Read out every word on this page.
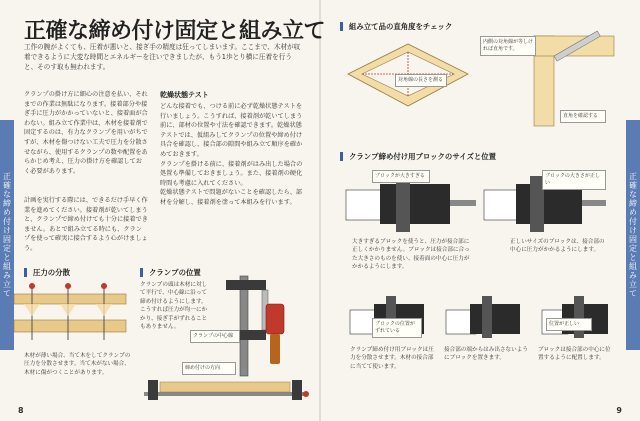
正確な締め付け固定と組み立て
正確な締め付け固定と組み立て
工作の腕がよくても、圧着が悪いと、接ぎ手の精度は狂ってしまいます。ここまで、木材が収着できるように大変な時間とエネルギーを注いできましたが、もう1歩とり横に圧着を行うと、そのす取も無われます。
クランプの掛け方に細心の注意を払い、それまでの作業は無駄になります。接着部分や接ぎ手に圧力がかかっていないと、接着面が合わない。組み立て作業中は、木材を接着剤で固定するのは、有力なクランプを用いがちですが、木材を傷つけない工夫で圧力を分散させながら、使用するクランプの数や配置をあらかじめ考え、圧力の掛け方を確認しておく必要があります。
計画を実行する際には、できるだけ手早く作業を進めてください。接着剤が乾いてしまうと、クランプで締め付けても十分に接着できません。あとで組み立てる時にも、クランプを使って確実に接合するよう心がけましょう。
乾燥状態テスト
どんな接着でも、つける前に必ず乾燥状態テストを行いましょう。こうすれば、接着剤が乾いてしまう前に、部材の位置や寸法を確認できます。乾燥状態テストでは、仮組みしてクランプの位置や締め付け具合を確認し、接合部の隙間や組み立て順序を確かめておきます。
クランプを掛ける前に、接着剤がはみ出した場合の処置も準備しておきましょう。また、接着剤の硬化時間も考慮に入れてください。
乾燥状態テストで問題がないことを確認したら、部材を分解し、接着剤を塗って本組みを行います。
圧力の分散
木材が薄い場合、当て木をしてクランプの圧力を分散させます。当て木がない場合、木材に傷がつくことがあります。
クランプの位置
クランプの頭は木材に対して平行で、中心線に沿って締め付けるようにします。こうすれば圧力が均一にかかり、接ぎ手がずれることもありません。
クランプの中心線
締め付けの方向
8
正確な締め付け固定と組み立て
組み立て品の直角度をチェック
対角線の長さを測る
内側の対角線が等しければ直角です。
直角を確認する
クランプ締め付け用ブロックのサイズと位置
ブロックが大きすぎる
大きすぎるブロックを使うと、圧力が接合部に正しくかかりません。ブロックは接合部に合った大きさのものを使い、接着面の中心に圧力がかかるようにします。
ブロックの大きさが正しい
正しいサイズのブロックは、接合部の中心に圧力がかかるようにします。
ブロックの位置がずれている
位置が正しい
クランプ締め付け用ブロックは圧力を分散させます。木材の接合部に当てて使います。
接合部の端からはみ出さないようにブロックを置きます。
ブロックは接合部の中心に位置するように配置します。
9
